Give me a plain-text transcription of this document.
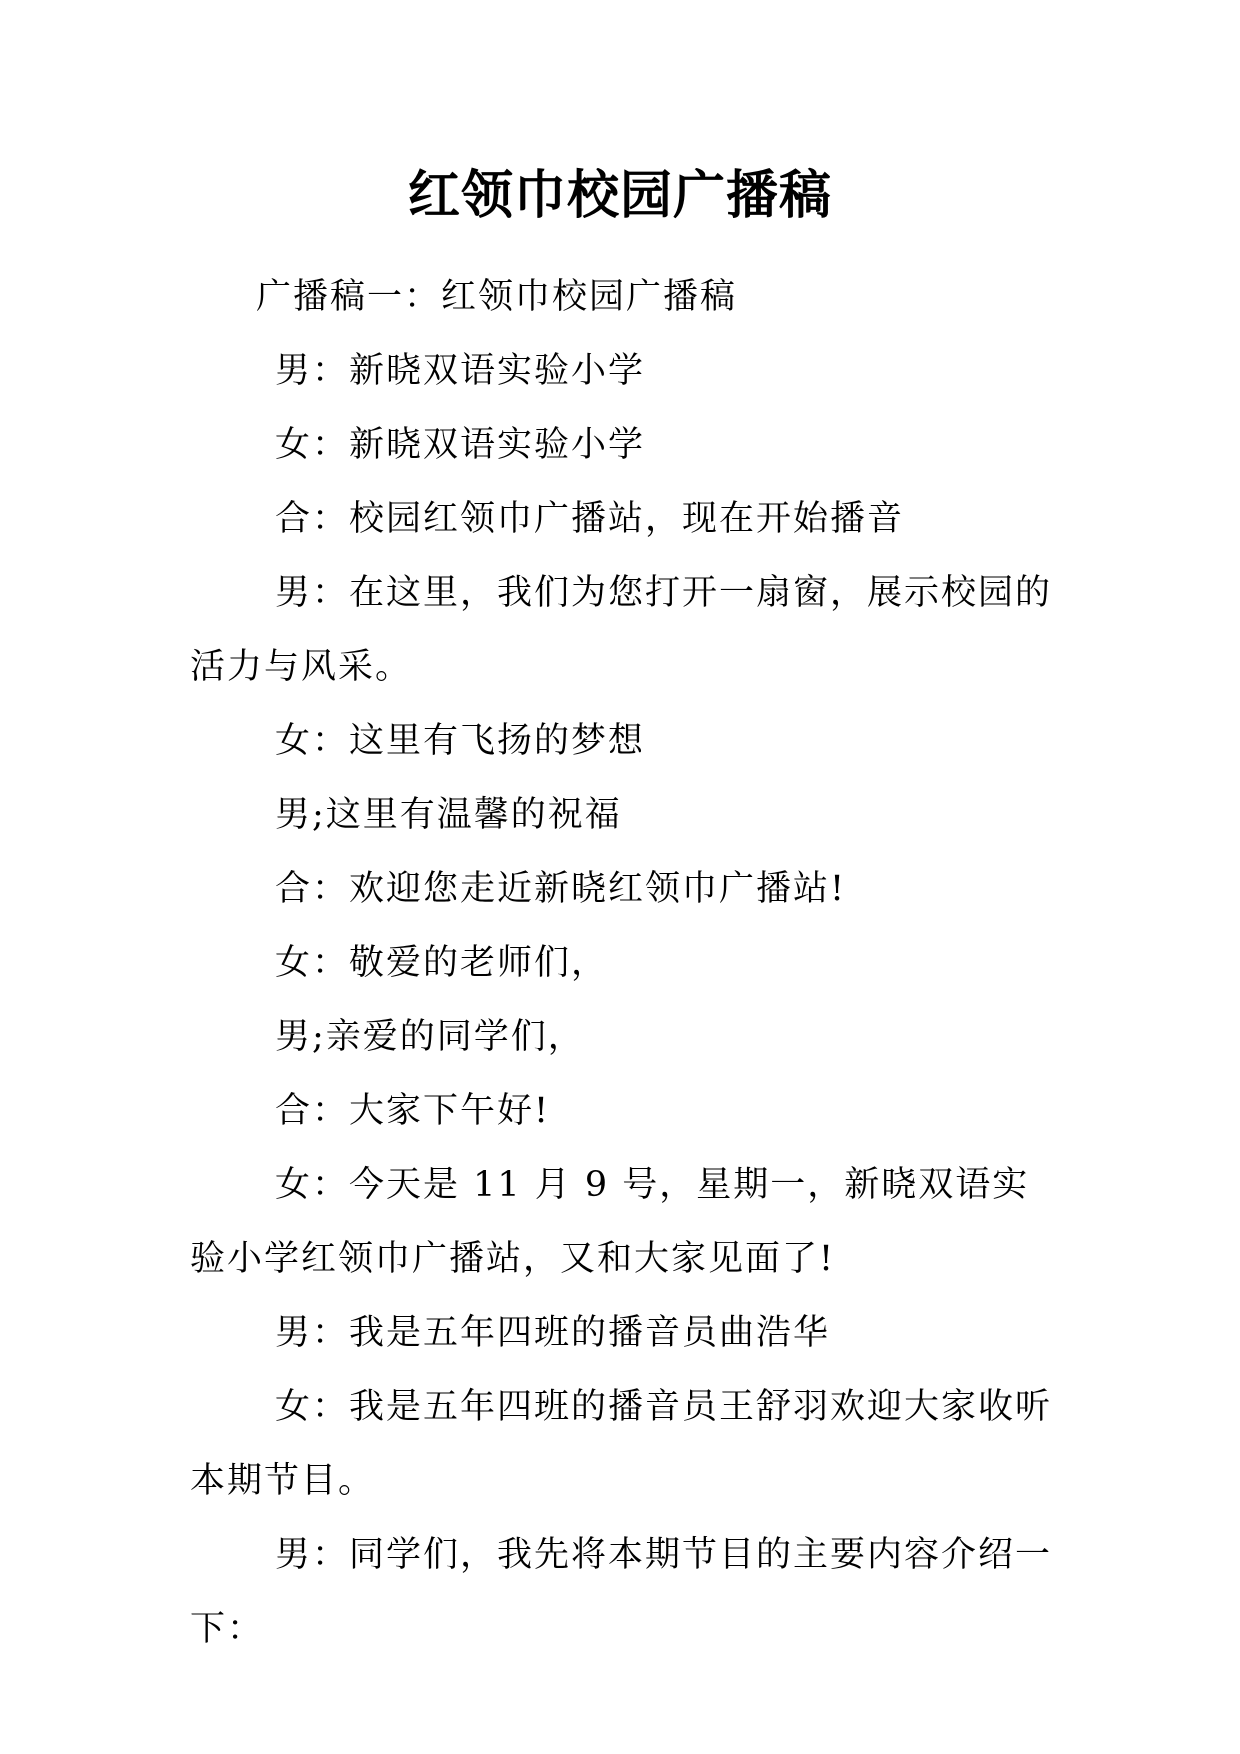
红领巾校园广播稿

广播稿一：红领巾校园广播稿

男：新晓双语实验小学

女：新晓双语实验小学

合：校园红领巾广播站，现在开始播音

男：在这里，我们为您打开一扇窗，展示校园的活力与风采。

女：这里有飞扬的梦想

男;这里有温馨的祝福

合：欢迎您走近新晓红领巾广播站!

女：敬爱的老师们，

男;亲爱的同学们，

合：大家下午好!

女：今天是 11 月 9 号，星期一，新晓双语实验小学红领巾广播站，又和大家见面了!

男：我是五年四班的播音员曲浩华

女：我是五年四班的播音员王舒羽欢迎大家收听本期节目。

男：同学们，我先将本期节目的主要内容介绍一下：
